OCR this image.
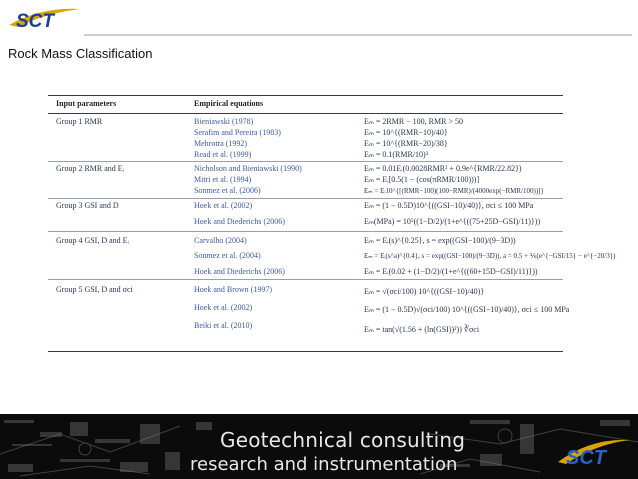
SCT
Rock Mass Classification
Input parameters	Empirical equations
Group 1 RMR	Bieniawski (1978)	Eₘ = 2RMR − 100, RMR > 50
Serafim and Pereira (1983)	Eₘ = 10^{(RMR−10)/40}
Mehrotra (1992)	Eₘ = 10^{(RMR−20)/38}
Read et al. (1999)	Eₘ = 0.1(RMR/10)³
Group 2 RMR and Eᵢ	Nicholson and Bieniawski (1990)	Eₘ = 0.01Eᵢ(0.0028RMR² + 0.9e^{RMR/22.82})
Mitri et al. (1994)	Eₘ = Eᵢ[0.5(1 − (cos(πRMR/100)))]
Sonmez et al. (2006)	Eₘ = Eᵢ10^{[(RMR−100)(100−RMR)/(4000exp(−RMR/100))]}
Group 3 GSI and D	Hoek et al. (2002)	Eₘ = (1 − 0.5D)10^{((GSI−10)/40)}, σci ≤ 100 MPa
Hoek and Diederichs (2006)	Eₘ(MPa) = 10⁵((1−D/2)/(1+e^{((75+25D−GSI)/11)}))
Group 4 GSI, D and Eᵢ	Carvalho (2004)	Eₘ = Eᵢ(s)^{0.25}, s = exp((GSI−100)/(9−3D))
Sonmez et al. (2004)	Eₘ = Eᵢ(s^a)^{0.4}, s = exp((GSI−100)/(9−3D)), a = 0.5 + ⅙(e^{−GSI/15} − e^{−20/3})
Hoek and Diederichs (2006)	Eₘ = Eᵢ(0.02 + (1−D/2)/(1+e^{((60+15D−GSI)/11)}))
Group 5 GSI, D and σci	Hoek and Brown (1997)	Eₘ = √(σci/100) 10^{((GSI−10)/40)}
Hoek et al. (2002)	Eₘ = (1 − 0.5D)√(σci/100) 10^{((GSI−10)/40)}, σci ≤ 100 MPa
Beiki et al. (2010)	Eₘ = tan(√(1.56 + (ln(GSI))²)) ∛σci
Geotechnical consulting
research and instrumentation	SCT
